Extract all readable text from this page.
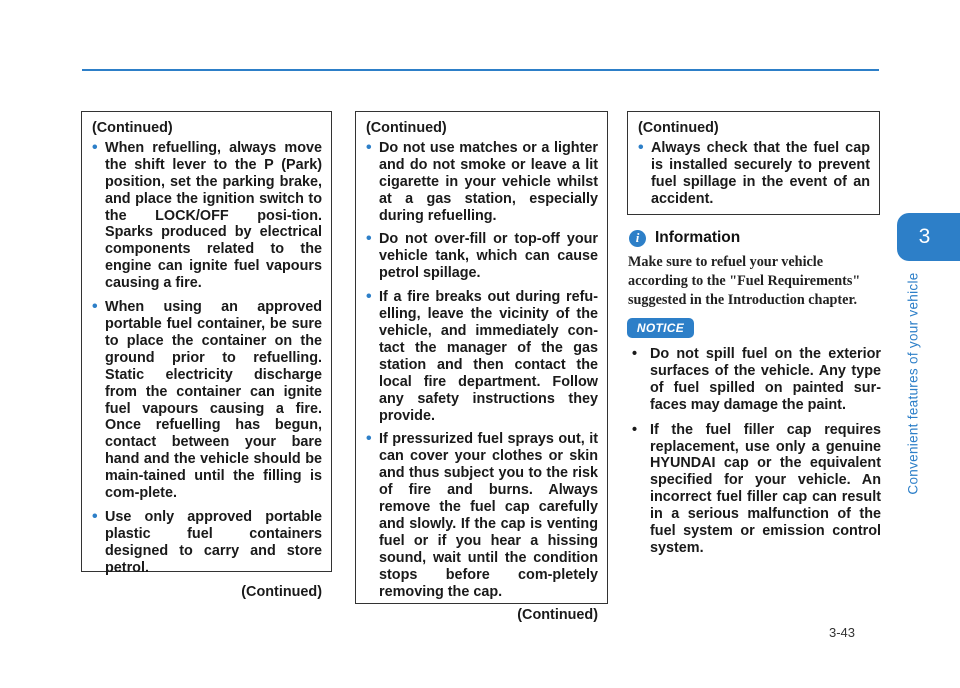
(Continued)

• When refuelling, always move the shift lever to the P (Park) position, set the parking brake, and place the ignition switch to the LOCK/OFF posi-tion. Sparks produced by electrical components related to the engine can ignite fuel vapours causing a fire.
• When using an approved portable fuel container, be sure to place the container on the ground prior to refuelling. Static electricity discharge from the container can ignite fuel vapours causing a fire. Once refuelling has begun, contact between your bare hand and the vehicle should be main-tained until the filling is com-plete.
• Use only approved portable plastic fuel containers designed to carry and store petrol.

(Continued)

(Continued)

• Do not use matches or a lighter and do not smoke or leave a lit cigarette in your vehicle whilst at a gas station, especially during refuelling.
• Do not over-fill or top-off your vehicle tank, which can cause petrol spillage.
• If a fire breaks out during refu-elling, leave the vicinity of the vehicle, and immediately con-tact the manager of the gas station and then contact the local fire department. Follow any safety instructions they provide.
• If pressurized fuel sprays out, it can cover your clothes or skin and thus subject you to the risk of fire and burns. Always remove the fuel cap carefully and slowly. If the cap is venting fuel or if you hear a hissing sound, wait until the condition stops before com-pletely removing the cap.

(Continued)

(Continued)

• Always check that the fuel cap is installed securely to prevent fuel spillage in the event of an accident.
i	Information

Make sure to refuel your vehicle according to the "Fuel Requirements" suggested in the Introduction chapter.

NOTICE
• Do not spill fuel on the exterior surfaces of the vehicle. Any type of fuel spilled on painted sur-faces may damage the paint.
• If the fuel filler cap requires replacement, use only a genuine HYUNDAI cap or the equivalent specified for your vehicle. An incorrect fuel filler cap can result in a serious malfunction of the fuel system or emission control system.
3
Convenient features of your vehicle
3-43
